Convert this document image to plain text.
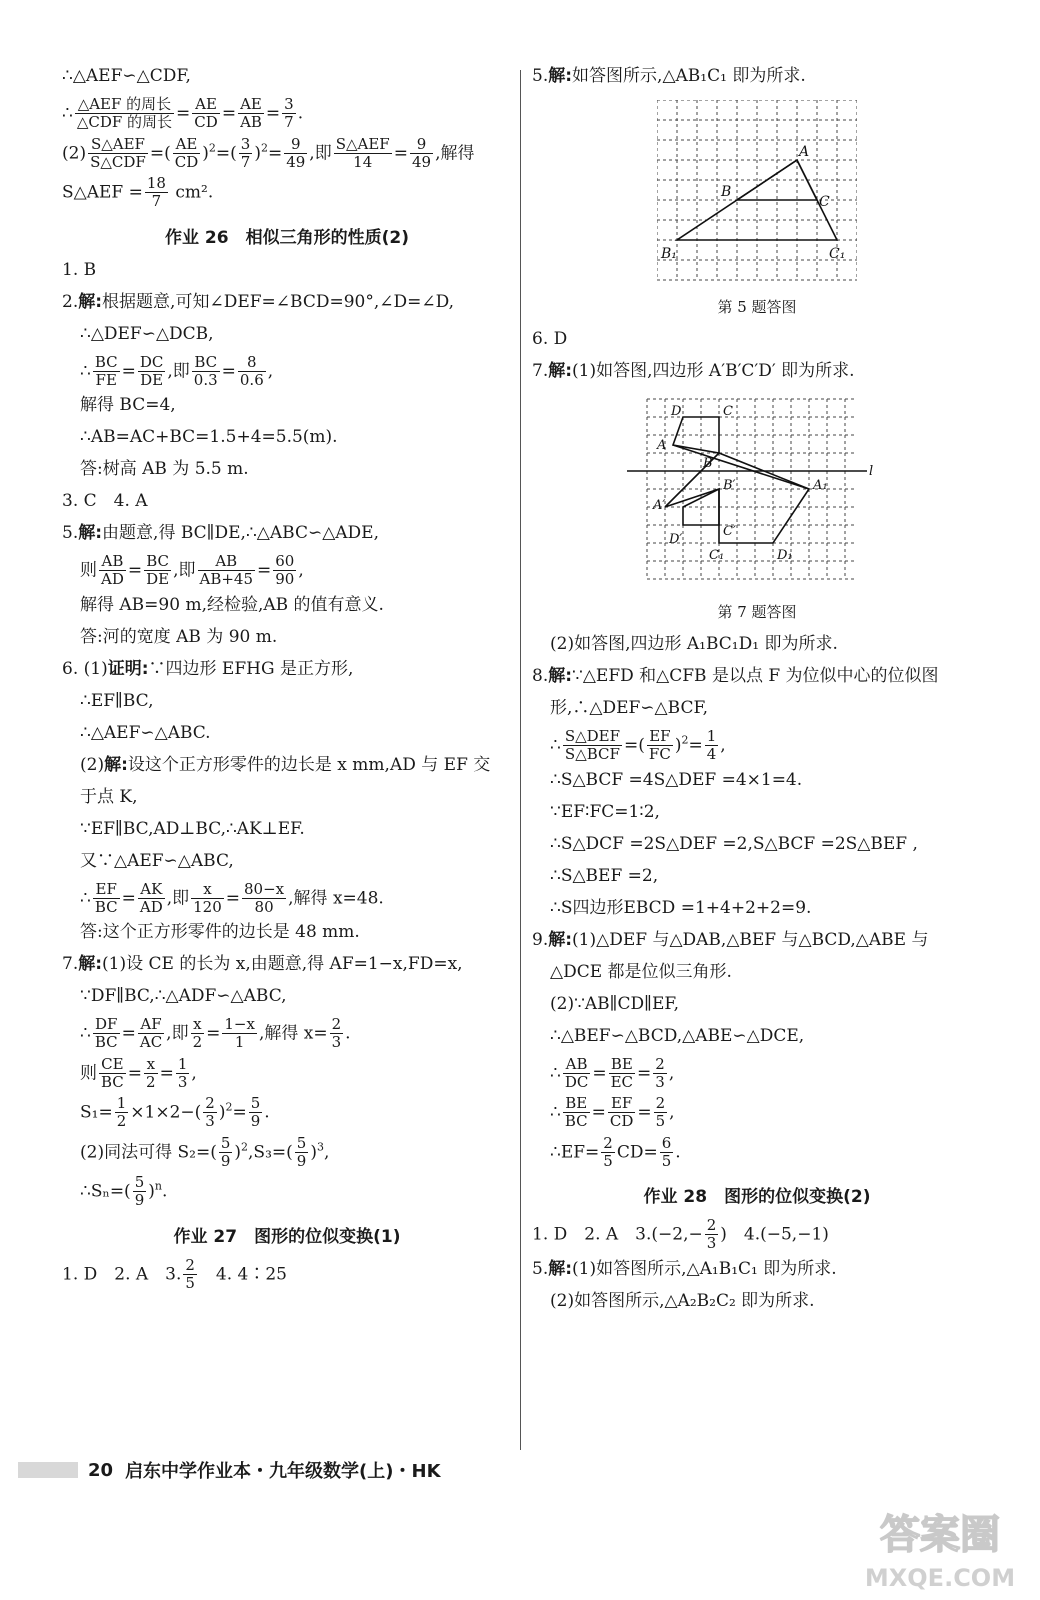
∴△AEF∽△CDF,
∴ $\frac{\text{△AEF 的周长}}{\text{△CDF 的周长}} = \frac{AE}{CD} = \frac{AE}{AB} = \frac{3}{7}$ .
$(2) \frac{\text{S△AEF}}{\text{S△CDF}}$ =( $\frac{AE}{CD} )^2=( \frac{3}{7} )^2= \frac{9}{49}$ ,即 $\frac{\text{S△AEF}}{14} = \frac{9}{49}$ ,解得
S△AEF = $\frac{18}{7} cm^2$.
作业 26　相似三角形的性质(2)
1. B
2.解:根据题意,可知∠DEF=∠BCD=90°,∠D=∠D,
∴△DEF∽△DCB,
∴ $\frac{BC}{FE} = \frac{DC}{DE}$ ,即 $\frac{BC}{0.3} = \frac{8}{0.6}$ ,
解得 BC=4,
∴AB=AC+BC=1.5+4=5.5(m).
答:树高 AB 为 5.5 m.
3. C　4. A
5.解:由题意,得 BC∥DE,∴△ABC∽△ADE,
则 $\frac{AB}{AD} = \frac{BC}{DE}$ ,即 $\frac{AB}{AB+45} = \frac{60}{90}$ ,
解得 AB=90 m,经检验,AB 的值有意义.
答:河的宽度 AB 为 90 m.
6. (1)证明:∵四边形 EFHG 是正方形,
∴EF∥BC,
∴△AEF∽△ABC.
(2)解:设这个正方形零件的边长是 x mm,AD 与 EF 交
于点 K,
∵EF∥BC,AD⊥BC,∴AK⊥EF.
又∵△AEF∽△ABC,
∴ $\frac{EF}{BC} = \frac{AK}{AD}$ ,即 $\frac{x}{120} = \frac{80-x}{80}$ ,解得 x=48.
答:这个正方形零件的边长是 48 mm.
7.解:(1)设 CE 的长为 x,由题意,得 AF=1−x,FD=x,
∵DF∥BC,∴△ADF∽△ABC,
∴ $\frac{DF}{BC} = \frac{AF}{AC}$ ,即 $\frac{x}{2} = \frac{1-x}{1}$ ,解得 $x= \frac{2}{3}$ .
则 $\frac{CE}{BC} = \frac{x}{2} = \frac{1}{3}$ ,
$S_1= \frac{1}{2} \times 1\times 2-( \frac{2}{3} )^2= \frac{5}{9}$ .
(2)同法可得 $S_2=( \frac{5}{9} )^2,S_3=( \frac{5}{9} )^3$,
∴Sₙ=( $\frac{5}{9} )^n$.
作业 27　图形的位似变换(1)
1. D　2. A　3. $\frac{2}{5}$ 　4. 4∶25
5.解:如答图所示,△AB₁C₁ 即为所求.
A
B
C
B₁	C₁
第 5 题答图
6. D
7.解:(1)如答图,四边形 A′B′C′D′ 即为所求.
D	C
A
B
B′	A₁
A′
C′
D′
C₁	D₁
l
第 7 题答图
(2)如答图,四边形 A₁BC₁D₁ 即为所求.
8.解:∵△EFD 和△CFB 是以点 F 为位似中心的位似图
形,∴△DEF∽△BCF,
∴ $\frac{\text{S△DEF}}{\text{S△BCF}}$ =( $\frac{EF}{FC} )^2= \frac{1}{4}$ ,
∴S△BCF =4S△DEF =4×1=4.
∵EF∶FC=1∶2,
∴S△DCF =2S△DEF =2,S△BCF =2S△BEF ,
∴S△BEF =2,
∴S四边形EBCD =1+4+2+2=9.
9.解:(1)△DEF 与△DAB,△BEF 与△BCD,△ABE 与
△DCE 都是位似三角形.
(2)∵AB∥CD∥EF,
∴△BEF∽△BCD,△ABE∽△DCE,
∴ $\frac{AB}{DC} = \frac{BE}{EC} = \frac{2}{3}$ ,
∴ $\frac{BE}{BC} = \frac{EF}{CD} = \frac{2}{5}$ ,
∴EF= $\frac{2}{5} CD= \frac{6}{5}$ .
作业 28　图形的位似变换(2)
1. D　2. A　$3.(-2,- \frac{2}{3}$ )　4.(−5,−1)
5.解:(1)如答图所示,△A₁B₁C₁ 即为所求.
(2)如答图所示,△A₂B₂C₂ 即为所求.
20 启东中学作业本・九年级数学(上)・HK
答案圈
MXQE.COM
